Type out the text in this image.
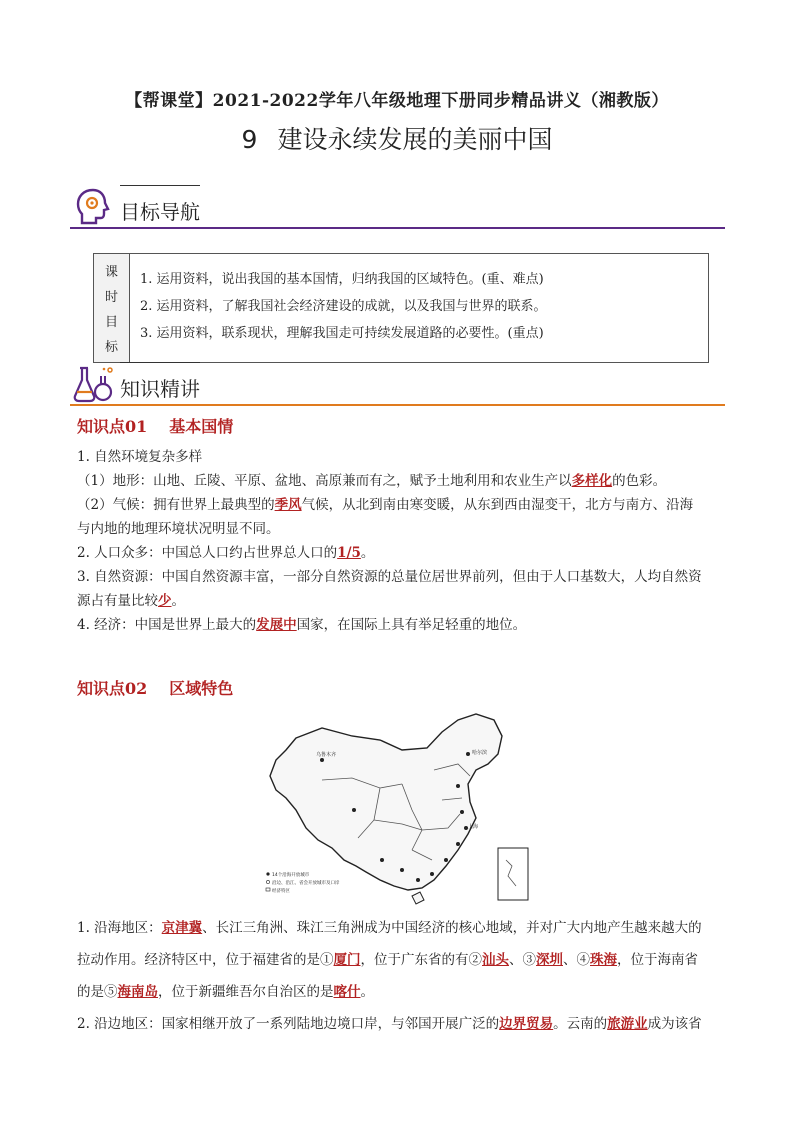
【帮课堂】2021-2022学年八年级地理下册同步精品讲义（湘教版）
9 建设永续发展的美丽中国
目标导航
课
时
目
标
1. 运用资料，说出我国的基本国情，归纳我国的区域特色。(重、难点)
2. 运用资料，了解我国社会经济建设的成就，以及我国与世界的联系。
3. 运用资料，联系现状，理解我国走可持续发展道路的必要性。(重点)
知识精讲
知识点01 基本国情
1. 自然环境复杂多样
（1）地形：山地、丘陵、平原、盆地、高原兼而有之，赋予土地利用和农业生产以多样化的色彩。
（2）气候：拥有世界上最典型的季风气候，从北到南由寒变暖，从东到西由湿变干，北方与南方、沿海
与内地的地理环境状况明显不同。
2. 人口众多：中国总人口约占世界总人口的1/5。
3. 自然资源：中国自然资源丰富，一部分自然资源的总量位居世界前列，但由于人口基数大，人均自然资
源占有量比较少。
4. 经济：中国是世界上最大的发展中国家，在国际上具有举足轻重的地位。
知识点02 区域特色
乌鲁木齐	哈尔滨
上海
14个沿海开放城市
沿边、沿江、省会开放城市及口岸
经济特区
1. 沿海地区：京津冀、长江三角洲、珠江三角洲成为中国经济的核心地域，并对广大内地产生越来越大的
拉动作用。经济特区中，位于福建省的是①厦门，位于广东省的有②汕头、③深圳、④珠海，位于海南省
的是⑤海南岛，位于新疆维吾尔自治区的是喀什。
2. 沿边地区：国家相继开放了一系列陆地边境口岸，与邻国开展广泛的边界贸易。云南的旅游业成为该省
